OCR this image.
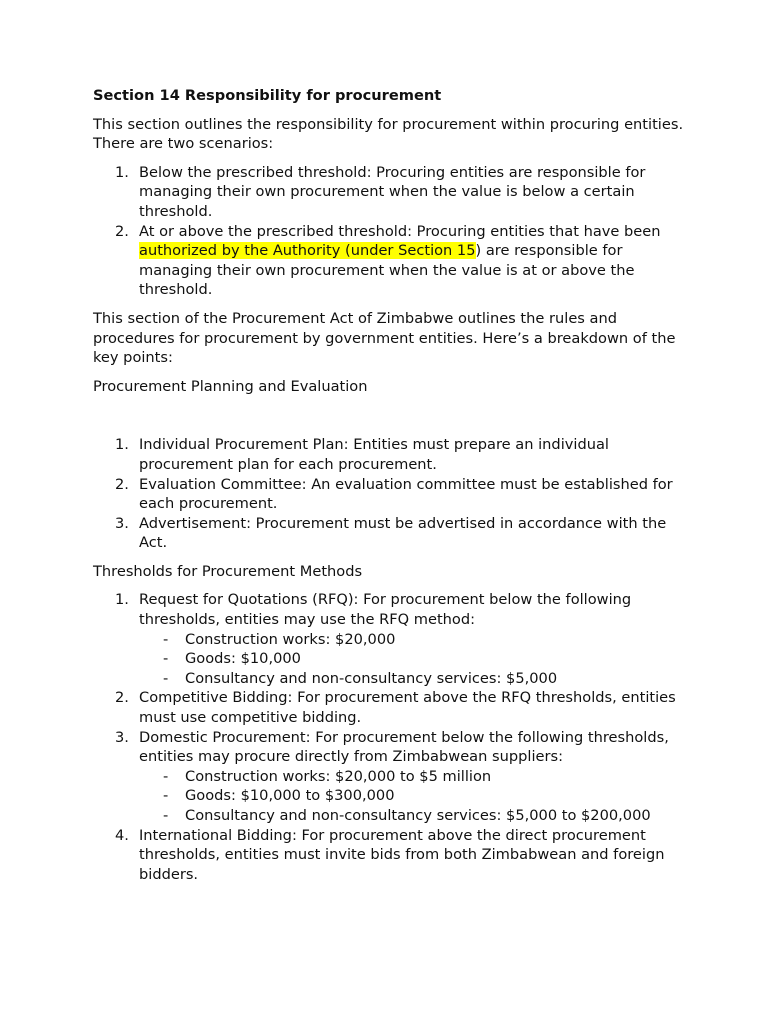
Section 14 Responsibility for procurement

This section outlines the responsibility for procurement within procuring entities. There are two scenarios:

1. Below the prescribed threshold: Procuring entities are responsible for managing their own procurement when the value is below a certain threshold.
2. At or above the prescribed threshold: Procuring entities that have been authorized by the Authority (under Section 15) are responsible for managing their own procurement when the value is at or above the threshold.

This section of the Procurement Act of Zimbabwe outlines the rules and procedures for procurement by government entities. Here’s a breakdown of the key points:

Procurement Planning and Evaluation

1. Individual Procurement Plan: Entities must prepare an individual procurement plan for each procurement.
2. Evaluation Committee: An evaluation committee must be established for each procurement.
3. Advertisement: Procurement must be advertised in accordance with the Act.

Thresholds for Procurement Methods

1. Request for Quotations (RFQ): For procurement below the following thresholds, entities may use the RFQ method:
- Construction works: $20,000
- Goods: $10,000
- Consultancy and non-consultancy services: $5,000
2. Competitive Bidding: For procurement above the RFQ thresholds, entities must use competitive bidding.
3. Domestic Procurement: For procurement below the following thresholds, entities may procure directly from Zimbabwean suppliers:
- Construction works: $20,000 to $5 million
- Goods: $10,000 to $300,000
- Consultancy and non-consultancy services: $5,000 to $200,000
4. International Bidding: For procurement above the direct procurement thresholds, entities must invite bids from both Zimbabwean and foreign bidders.
